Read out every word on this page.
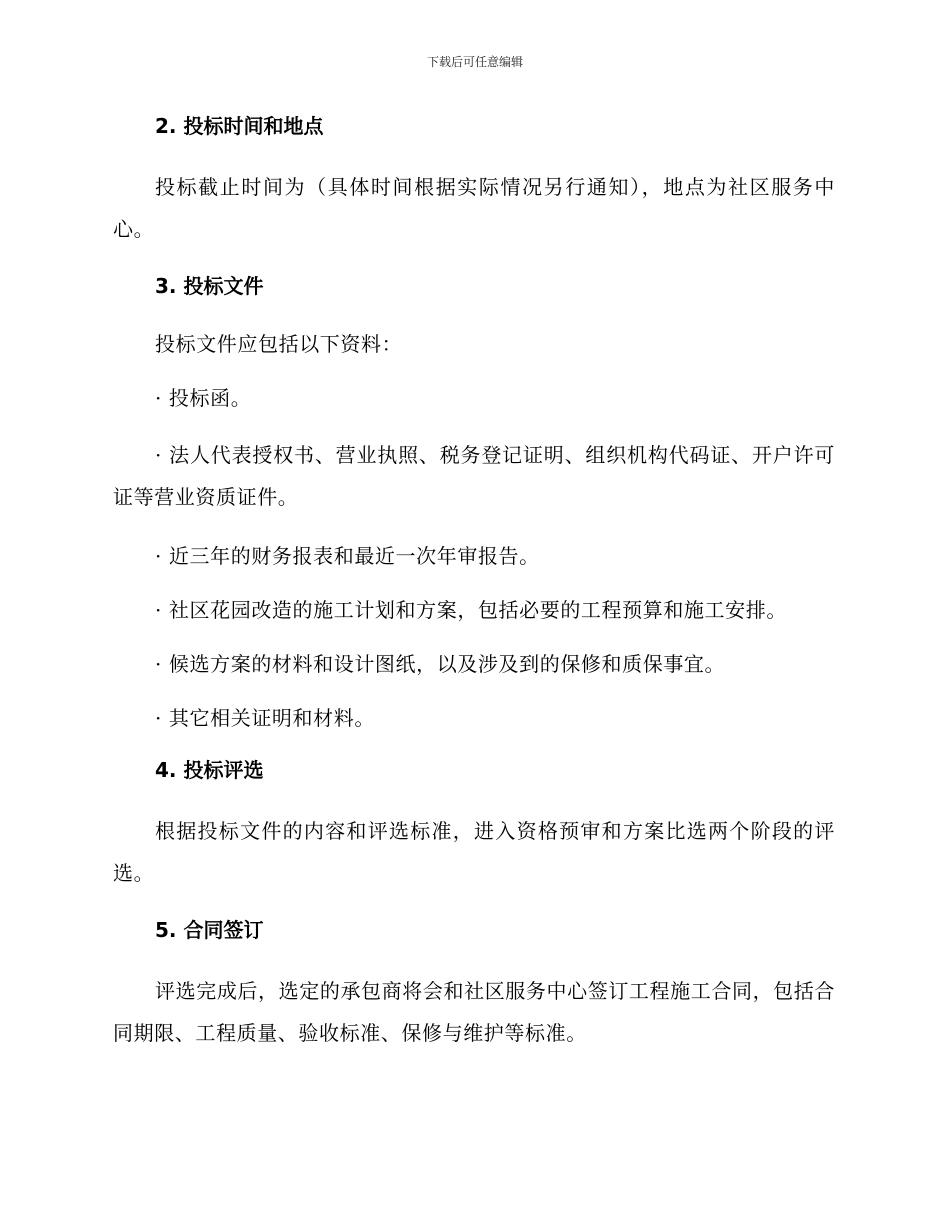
下载后可任意编辑
2. 投标时间和地点

投标截止时间为（具体时间根据实际情况另行通知），地点为社区服务中心。

3. 投标文件

投标文件应包括以下资料：

· 投标函。

· 法人代表授权书、营业执照、税务登记证明、组织机构代码证、开户许可证等营业资质证件。

· 近三年的财务报表和最近一次年审报告。

· 社区花园改造的施工计划和方案，包括必要的工程预算和施工安排。

· 候选方案的材料和设计图纸，以及涉及到的保修和质保事宜。

· 其它相关证明和材料。

4. 投标评选

根据投标文件的内容和评选标准，进入资格预审和方案比选两个阶段的评选。

5. 合同签订

评选完成后，选定的承包商将会和社区服务中心签订工程施工合同，包括合同期限、工程质量、验收标准、保修与维护等标准。
